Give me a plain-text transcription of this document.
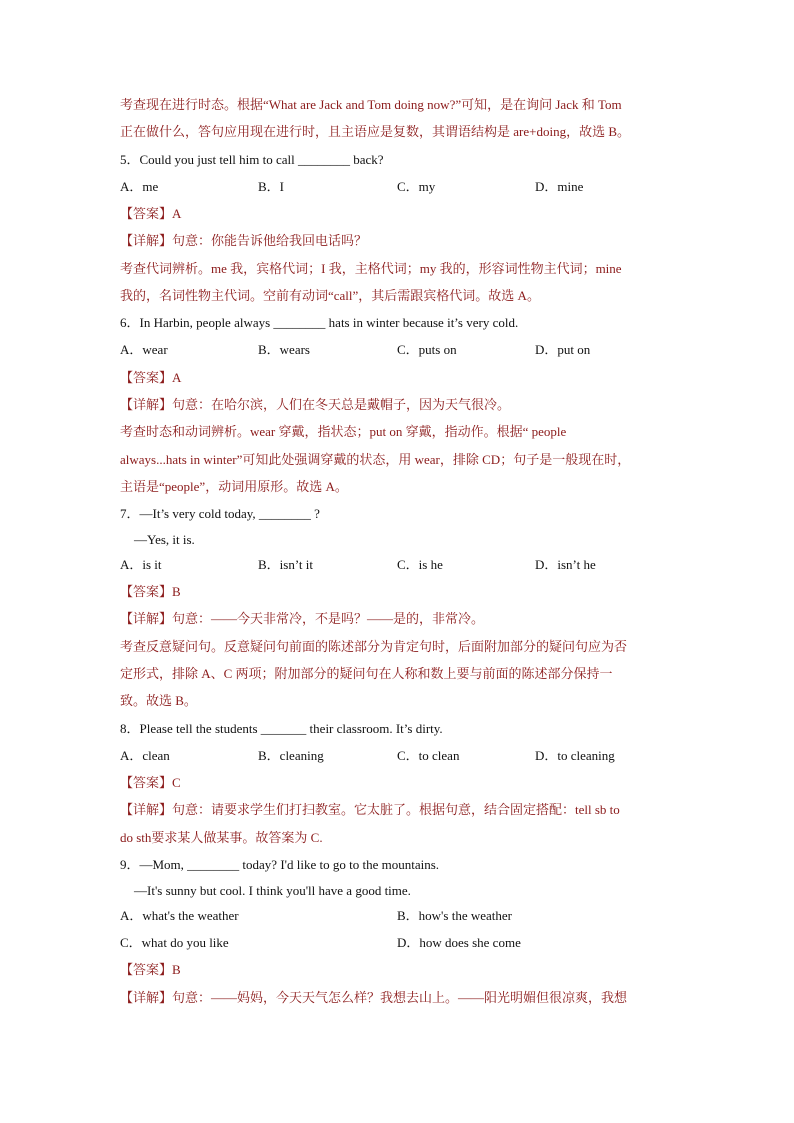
考查现在进行时态。根据“What are Jack and Tom doing now?”可知，是在询问 Jack 和 Tom
正在做什么，答句应用现在进行时，且主语应是复数，其谓语结构是 are+doing，故选 B。
5．Could you just tell him to call ________ back?
A．me	B．I	C．my	D．mine
【答案】A
【详解】句意：你能告诉他给我回电话吗？
考查代词辨析。me 我，宾格代词；I 我，主格代词；my 我的，形容词性物主代词；mine
我的，名词性物主代词。空前有动词“call”，其后需跟宾格代词。故选 A。
6．In Harbin, people always ________ hats in winter because it’s very cold.
A．wear	B．wears	C．puts on	D．put on
【答案】A
【详解】句意：在哈尔滨，人们在冬天总是戴帽子，因为天气很冷。
考查时态和动词辨析。wear 穿戴，指状态；put on 穿戴，指动作。根据“ people
always...hats in winter”可知此处强调穿戴的状态，用 wear，排除 CD；句子是一般现在时，
主语是“people”，动词用原形。故选 A。
7．—It’s very cold today, ________ ?
—Yes, it is.
A．is it	B．isn’t it	C．is he	D．isn’t he
【答案】B
【详解】句意：——今天非常冷，不是吗？——是的，非常冷。
考查反意疑问句。反意疑问句前面的陈述部分为肯定句时，后面附加部分的疑问句应为否
定形式，排除 A、C 两项；附加部分的疑问句在人称和数上要与前面的陈述部分保持一
致。故选 B。
8．Please tell the students _______ their classroom. It’s dirty.
A．clean	B．cleaning	C．to clean	D．to cleaning
【答案】C
【详解】句意：请要求学生们打扫教室。它太脏了。根据句意，结合固定搭配：tell sb to
do sth要求某人做某事。故答案为 C.
9．—Mom, ________ today? I'd like to go to the mountains.
—It's sunny but cool. I think you'll have a good time.
A．what's the weather	B．how's the weather
C．what do you like	D．how does she come
【答案】B
【详解】句意：——妈妈，今天天气怎么样？我想去山上。——阳光明媚但很凉爽，我想
